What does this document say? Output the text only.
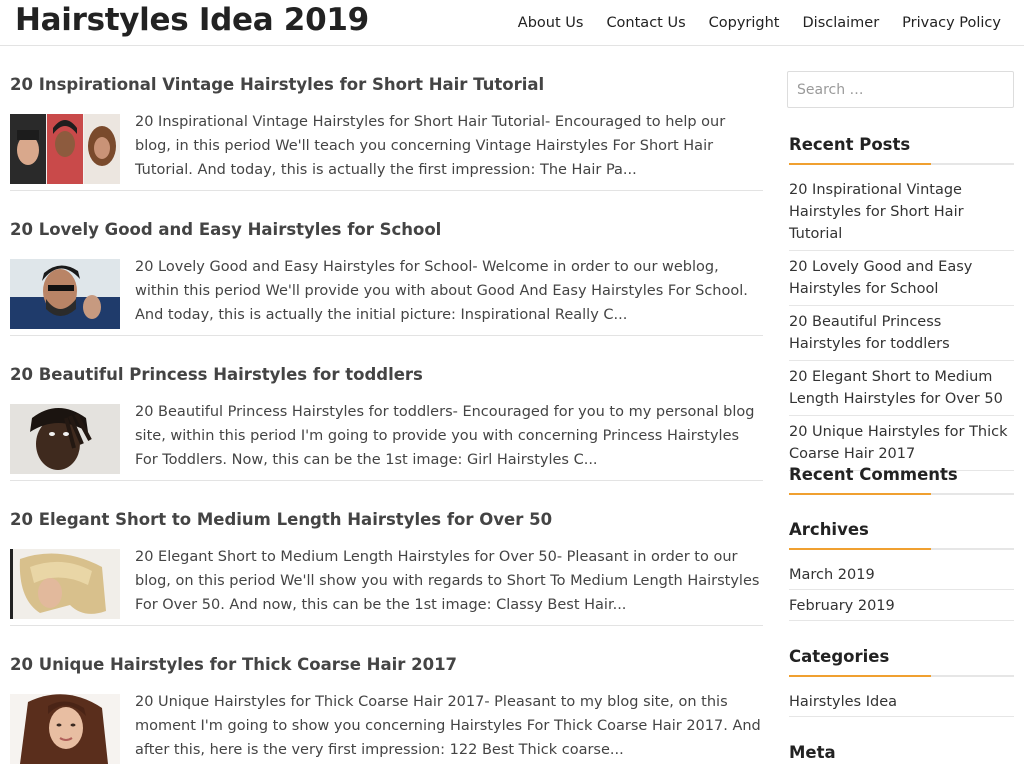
Hairstyles Idea 2019	About Us Contact Us Copyright Disclaimer Privacy Policy
20 Inspirational Vintage Hairstyles for Short Hair Tutorial

20 Inspirational Vintage Hairstyles for Short Hair Tutorial- Encouraged to help our blog, in this period We'll teach you concerning Vintage Hairstyles For Short Hair Tutorial. And today, this is actually the first impression: The Hair Pa...

20 Lovely Good and Easy Hairstyles for School

20 Lovely Good and Easy Hairstyles for School- Welcome in order to our weblog, within this period We'll provide you with about Good And Easy Hairstyles For School. And today, this is actually the initial picture: Inspirational Really C...

20 Beautiful Princess Hairstyles for toddlers

20 Beautiful Princess Hairstyles for toddlers- Encouraged for you to my personal blog site, within this period I'm going to provide you with concerning Princess Hairstyles For Toddlers. Now, this can be the 1st image: Girl Hairstyles C...

20 Elegant Short to Medium Length Hairstyles for Over 50

20 Elegant Short to Medium Length Hairstyles for Over 50- Pleasant in order to our blog, on this period We'll show you with regards to Short To Medium Length Hairstyles For Over 50. And now, this can be the 1st image: Classy Best Hair...

20 Unique Hairstyles for Thick Coarse Hair 2017

20 Unique Hairstyles for Thick Coarse Hair 2017- Pleasant to my blog site, on this moment I'm going to show you concerning Hairstyles For Thick Coarse Hair 2017. And after this, here is the very first impression: 122 Best Thick coarse...

Search …
Recent Posts
20 Inspirational Vintage Hairstyles for Short Hair Tutorial
20 Lovely Good and Easy Hairstyles for School
20 Beautiful Princess Hairstyles for toddlers
20 Elegant Short to Medium Length Hairstyles for Over 50
20 Unique Hairstyles for Thick Coarse Hair 2017
Recent Comments
Archives
March 2019
February 2019
Categories
Hairstyles Idea
Meta
